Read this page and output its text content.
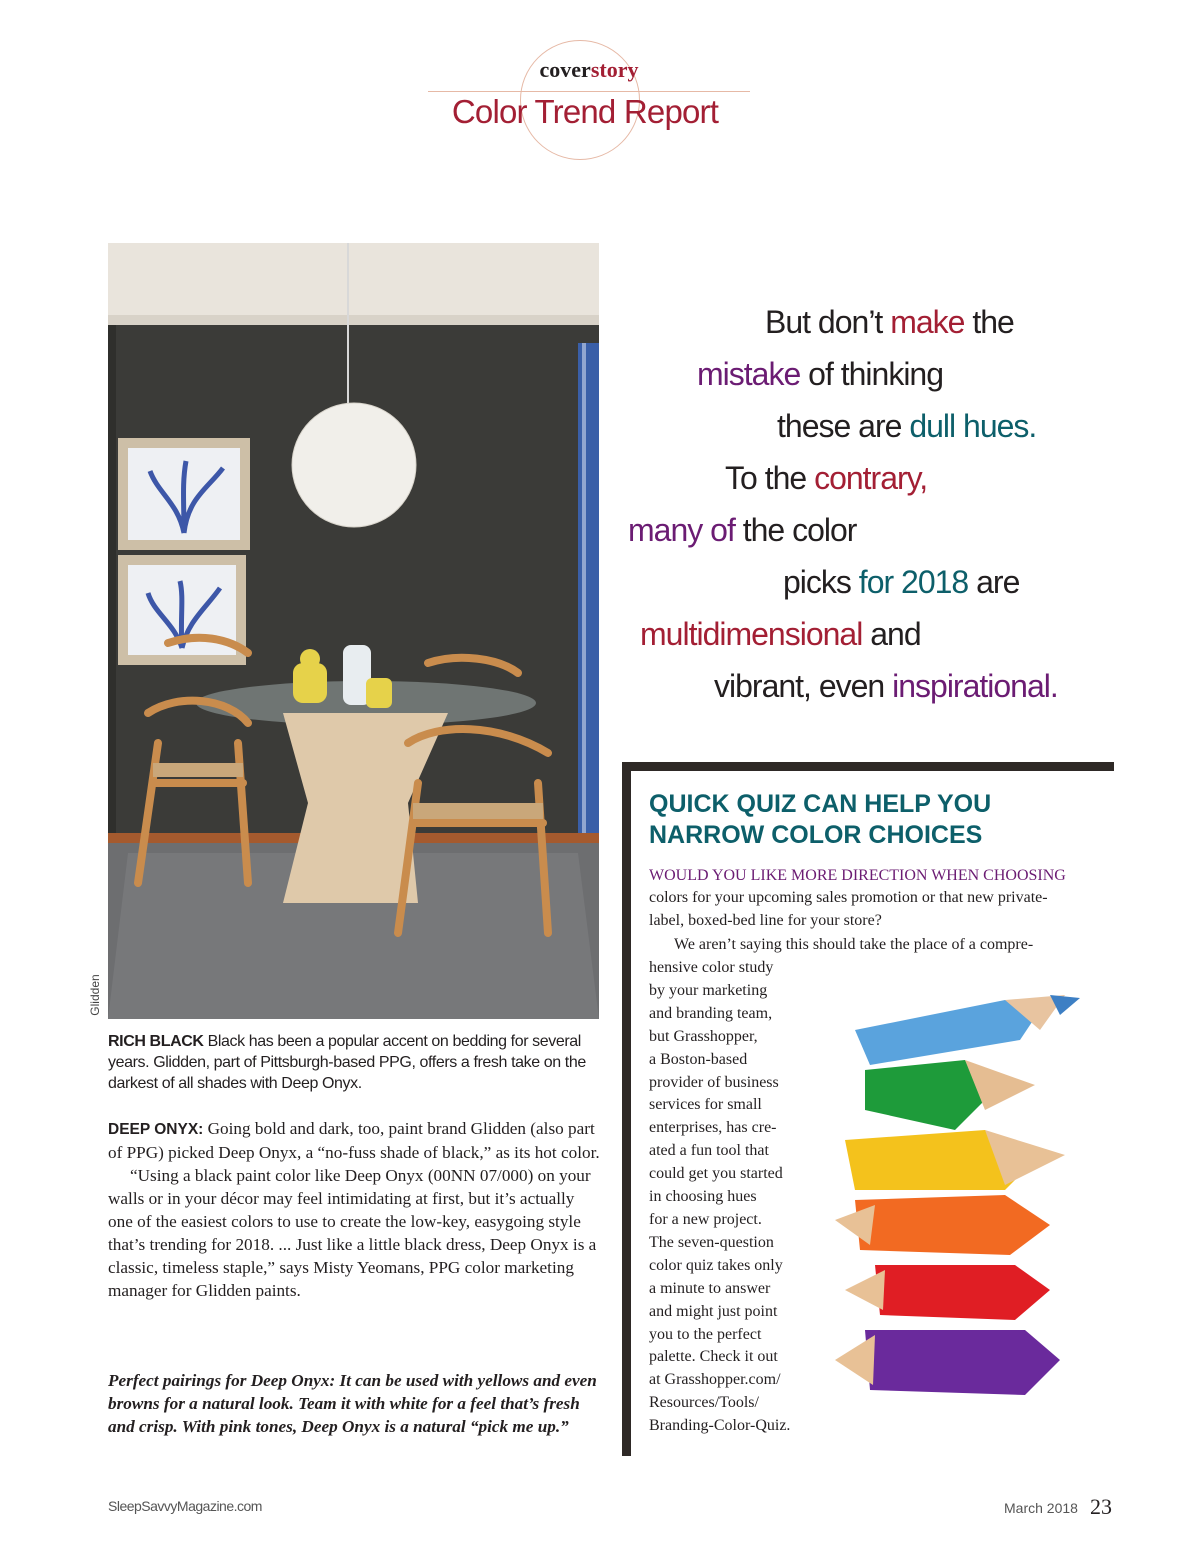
coverstory
Color Trend Report
Glidden

RICH BLACK Black has been a popular accent on bedding for several years. Glidden, part of Pittsburgh-based PPG, offers a fresh take on the darkest of all shades with Deep Onyx.

DEEP ONYX: Going bold and dark, too, paint brand Glidden (also part of PPG) picked Deep Onyx, a “no-fuss shade of black,” as its hot color.

“Using a black paint color like Deep Onyx (00NN 07/000) on your walls or in your décor may feel intimidating at first, but it’s actually one of the easiest colors to use to create the low-key, easygoing style that’s trending for 2018. ... Just like a little black dress, Deep Onyx is a classic, timeless staple,” says Misty Yeomans, PPG color marketing manager for Glidden paints.

Perfect pairings for Deep Onyx: It can be used with yellows and even browns for a natural look. Team it with white for a feel that’s fresh and crisp. With pink tones, Deep Onyx is a natural “pick me up.”

But don’t make the
mistake of thinking
these are dull hues.
To the contrary,
many of the color
picks for 2018 are
multidimensional and
vibrant, even inspirational.
QUICK QUIZ CAN HELP YOU
NARROW COLOR CHOICES
WOULD YOU LIKE MORE DIRECTION WHEN CHOOSING

colors for your upcoming sales promotion or that new private-label, boxed-bed line for your store?

We aren’t saying this should take the place of a compre-

hensive color study
by your marketing
and branding team,
but Grasshopper,
a Boston-based
provider of business
services for small
enterprises, has cre-
ated a fun tool that
could get you started
in choosing hues
for a new project.
The seven-question
color quiz takes only
a minute to answer
and might just point
you to the perfect
palette. Check it out
at Grasshopper.com/
Resources/Tools/
Branding-Color-Quiz.
SleepSavvyMagazine.com	March 2018 23
